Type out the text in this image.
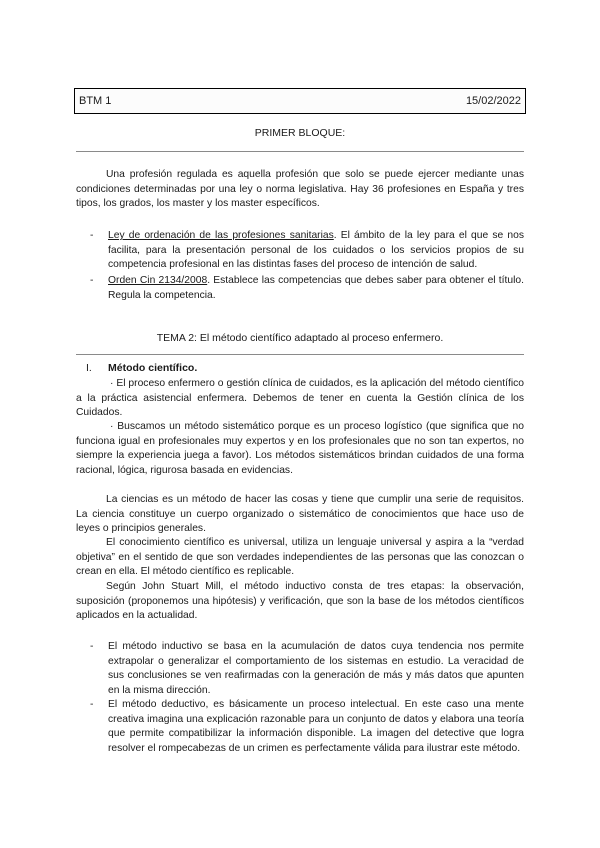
BTM 1	15/02/2022
PRIMER BLOQUE:
Una profesión regulada es aquella profesión que solo se puede ejercer mediante unas condiciones determinadas por una ley o norma legislativa. Hay 36 profesiones en España y tres tipos, los grados, los master y los master específicos.
- Ley de ordenación de las profesiones sanitarias. El ámbito de la ley para el que se nos facilita, para la presentación personal de los cuidados o los servicios propios de su competencia profesional en las distintas fases del proceso de intención de salud.
- Orden Cin 2134/2008. Establece las competencias que debes saber para obtener el título. Regula la competencia.
TEMA 2: El método científico adaptado al proceso enfermero.
I. Método científico.
· El proceso enfermero o gestión clínica de cuidados, es la aplicación del método científico a la práctica asistencial enfermera. Debemos de tener en cuenta la Gestión clínica de los Cuidados.
· Buscamos un método sistemático porque es un proceso logístico (que significa que no funciona igual en profesionales muy expertos y en los profesionales que no son tan expertos, no siempre la experiencia juega a favor). Los métodos sistemáticos brindan cuidados de una forma racional, lógica, rigurosa basada en evidencias.
La ciencias es un método de hacer las cosas y tiene que cumplir una serie de requisitos. La ciencia constituye un cuerpo organizado o sistemático de conocimientos que hace uso de leyes o principios generales.
El conocimiento científico es universal, utiliza un lenguaje universal y aspira a la “verdad objetiva” en el sentido de que son verdades independientes de las personas que las conozcan o crean en ella. El método científico es replicable.
Según John Stuart Mill, el método inductivo consta de tres etapas: la observación, suposición (proponemos una hipótesis) y verificación, que son la base de los métodos científicos aplicados en la actualidad.
- El método inductivo se basa en la acumulación de datos cuya tendencia nos permite extrapolar o generalizar el comportamiento de los sistemas en estudio. La veracidad de sus conclusiones se ven reafirmadas con la generación de más y más datos que apunten en la misma dirección.
- El método deductivo, es básicamente un proceso intelectual. En este caso una mente creativa imagina una explicación razonable para un conjunto de datos y elabora una teoría que permite compatibilizar la información disponible. La imagen del detective que logra resolver el rompecabezas de un crimen es perfectamente válida para ilustrar este método.
